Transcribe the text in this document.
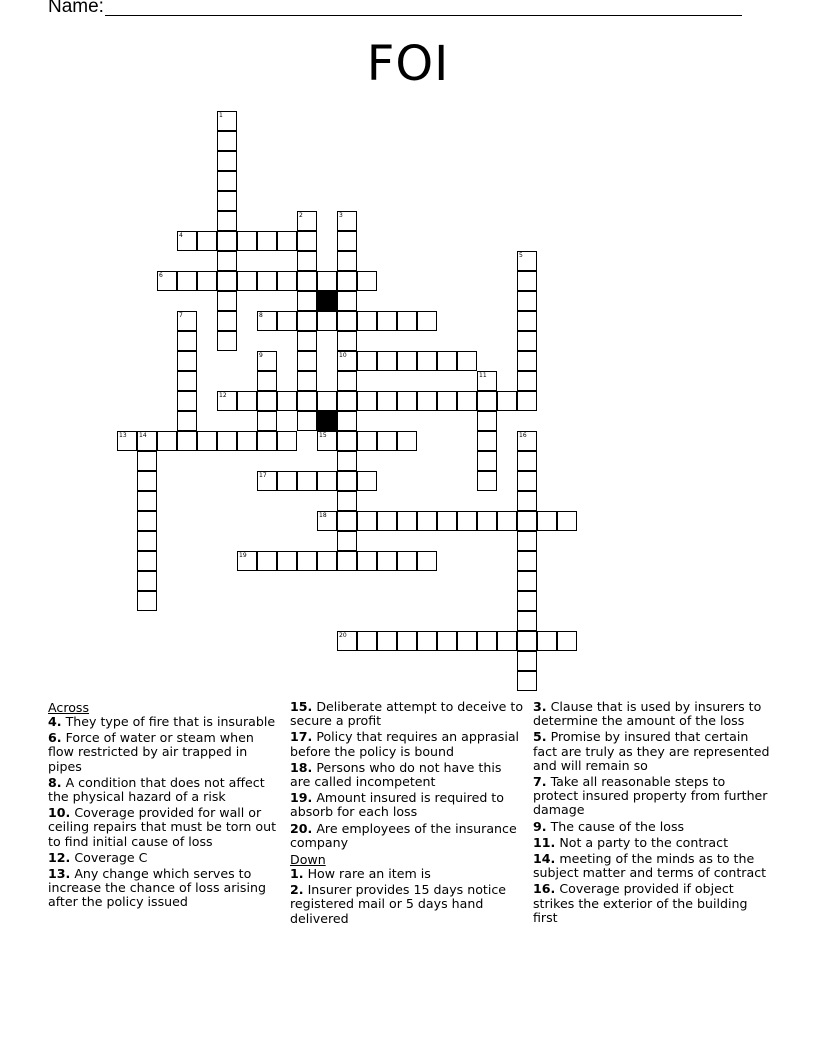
Name:
FOI
1
2	3
10
4
5
6
7	8
9
11
12
13 14	15	16
17
18
19
20
Across
4. They type of fire that is insurable
6. Force of water or steam when flow restricted by air trapped in pipes
8. A condition that does not affect the physical hazard of a risk
10. Coverage provided for wall or ceiling repairs that must be torn out to find initial cause of loss
12. Coverage C
13. Any change which serves to increase the chance of loss arising after the policy issued
15. Deliberate attempt to deceive to secure a profit
17. Policy that requires an apprasial before the policy is bound
18. Persons who do not have this are called incompetent
19. Amount insured is required to absorb for each loss
20. Are employees of the insurance company
Down
1. How rare an item is
2. Insurer provides 15 days notice registered mail or 5 days hand delivered
3. Clause that is used by insurers to determine the amount of the loss
5. Promise by insured that certain fact are truly as they are represented and will remain so
7. Take all reasonable steps to protect insured property from further damage
9. The cause of the loss
11. Not a party to the contract
14. meeting of the minds as to the subject matter and terms of contract
16. Coverage provided if object strikes the exterior of the building first
